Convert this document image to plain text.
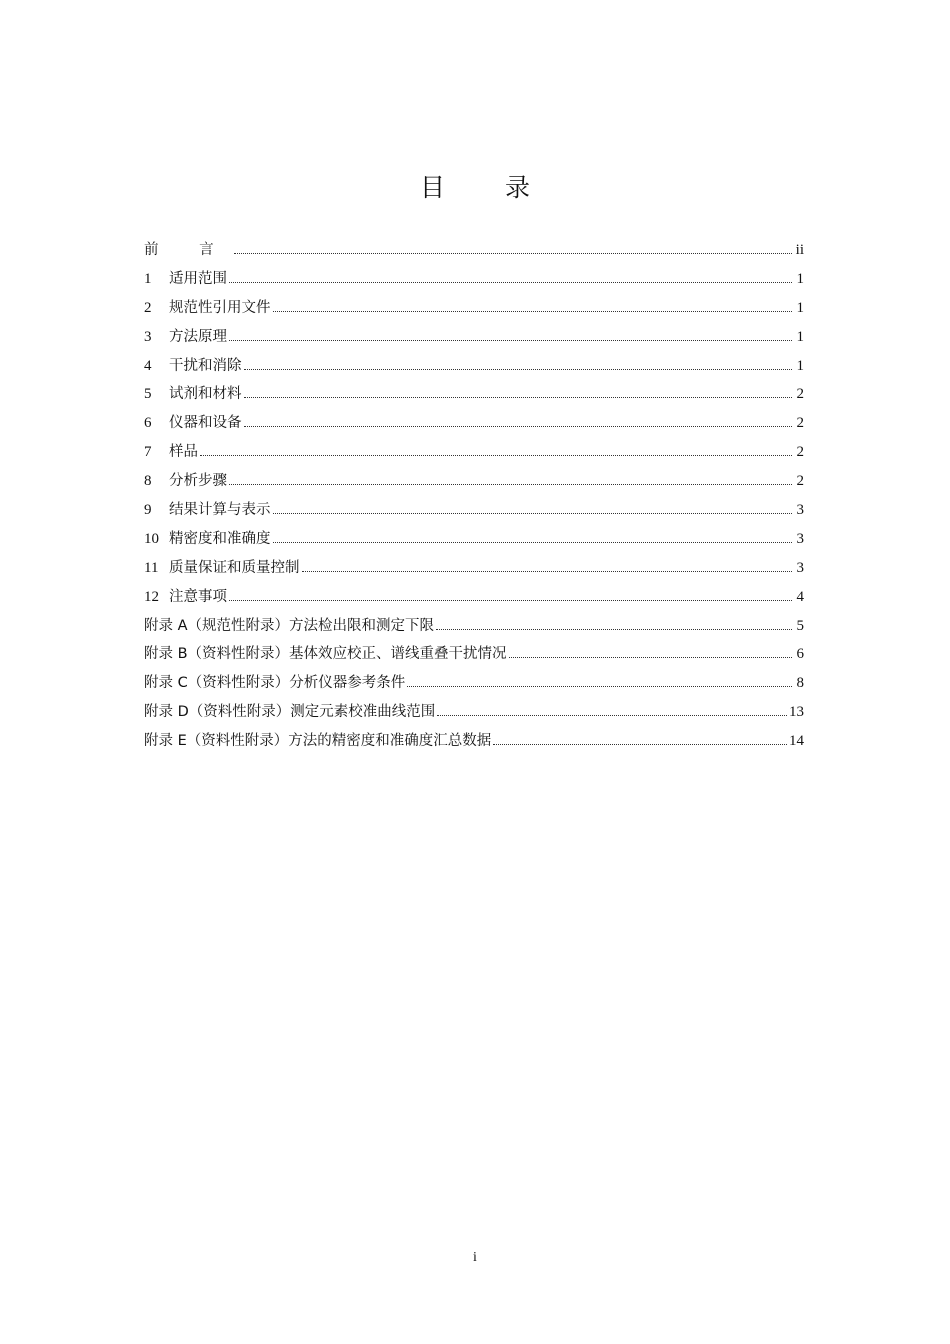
目 录
前 言	ii
1	适用范围	1
2	规范性引用文件	1
3	方法原理	1
4	干扰和消除	1
5	试剂和材料	2
6	仪器和设备	2
7	样品	2
8	分析步骤	2
9	结果计算与表示	3
10 精密度和准确度	3
11 质量保证和质量控制	3
12 注意事项	4
附录 A（规范性附录）方法检出限和测定下限	5
附录 B（资料性附录）基体效应校正、谱线重叠干扰情况	6
附录 C（资料性附录）分析仪器参考条件	8
附录 D（资料性附录）测定元素校准曲线范围	13
附录 E（资料性附录）方法的精密度和准确度汇总数据	14
i
